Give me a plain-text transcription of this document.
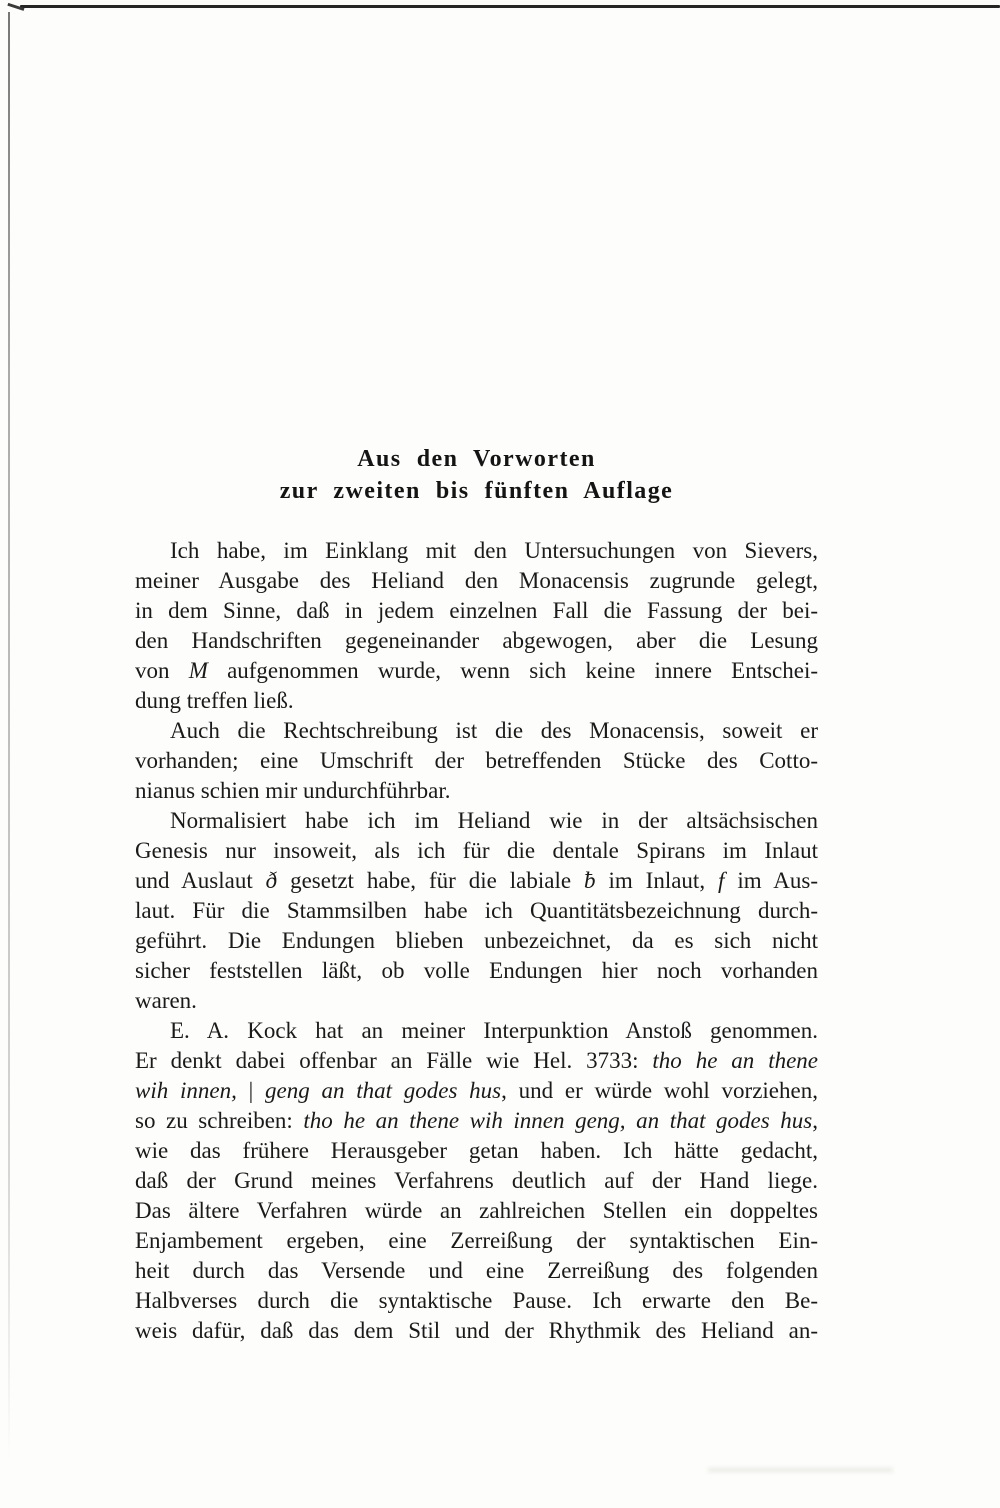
Aus den Vorworten
zur zweiten bis fünften Auflage
Ich habe, im Einklang mit den Untersuchungen von Sievers,
meiner Ausgabe des Heliand den Monacensis zugrunde gelegt,
in dem Sinne, daß in jedem einzelnen Fall die Fassung der bei-
den Handschriften gegeneinander abgewogen, aber die Lesung
von M aufgenommen wurde, wenn sich keine innere Entschei-
dung treffen ließ.
Auch die Rechtschreibung ist die des Monacensis, soweit er
vorhanden; eine Umschrift der betreffenden Stücke des Cotto-
nianus schien mir undurchführbar.
Normalisiert habe ich im Heliand wie in der altsächsischen
Genesis nur insoweit, als ich für die dentale Spirans im Inlaut
und Auslaut ð gesetzt habe, für die labiale ƀ im Inlaut, f im Aus-
laut. Für die Stammsilben habe ich Quantitätsbezeichnung durch-
geführt. Die Endungen blieben unbezeichnet, da es sich nicht
sicher feststellen läßt, ob volle Endungen hier noch vorhanden
waren.
E. A. Kock hat an meiner Interpunktion Anstoß genommen.
Er denkt dabei offenbar an Fälle wie Hel. 3733: tho he an thene
wih innen, | geng an that godes hus, und er würde wohl vorziehen,
so zu schreiben: tho he an thene wih innen geng, an that godes hus,
wie das frühere Herausgeber getan haben. Ich hätte gedacht,
daß der Grund meines Verfahrens deutlich auf der Hand liege.
Das ältere Verfahren würde an zahlreichen Stellen ein doppeltes
Enjambement ergeben, eine Zerreißung der syntaktischen Ein-
heit durch das Versende und eine Zerreißung des folgenden
Halbverses durch die syntaktische Pause. Ich erwarte den Be-
weis dafür, daß das dem Stil und der Rhythmik des Heliand an-
